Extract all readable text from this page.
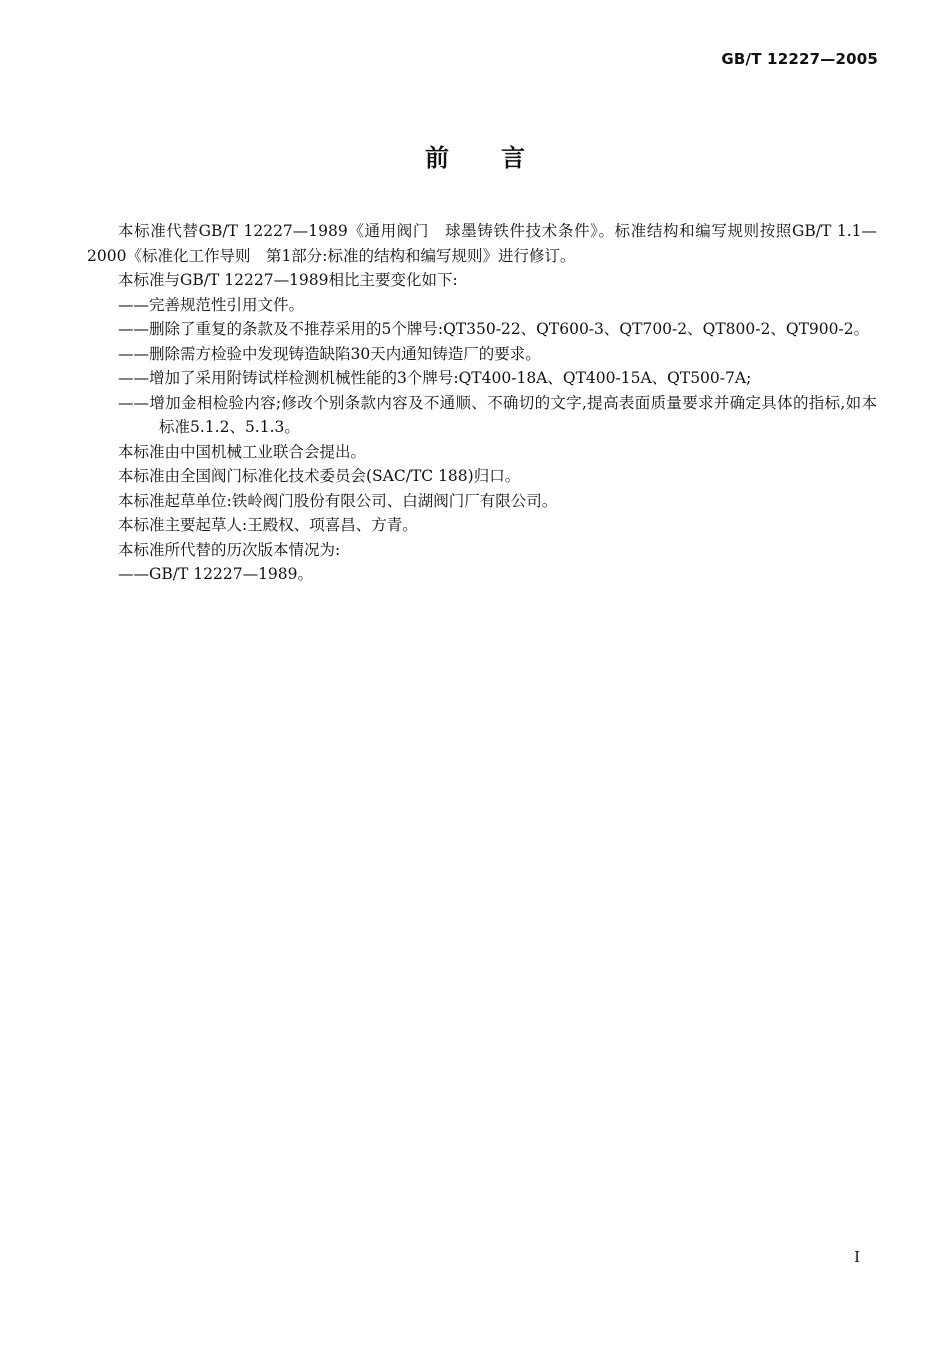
GB/T 12227—2005
前言

本标准代替GB/T 12227—1989《通用阀门　球墨铸铁件技术条件》。标准结构和编写规则按照GB/T 1.1—2000《标准化工作导则　第1部分:标准的结构和编写规则》进行修订。

本标准与GB/T 12227—1989相比主要变化如下:

——完善规范性引用文件。

——删除了重复的条款及不推荐采用的5个牌号:QT350-22、QT600-3、QT700-2、QT800-2、QT900-2。

——删除需方检验中发现铸造缺陷30天内通知铸造厂的要求。

——增加了采用附铸试样检测机械性能的3个牌号:QT400-18A、QT400-15A、QT500-7A;

——增加金相检验内容;修改个别条款内容及不通顺、不确切的文字,提高表面质量要求并确定具体的指标,如本标准5.1.2、5.1.3。

本标准由中国机械工业联合会提出。

本标准由全国阀门标准化技术委员会(SAC/TC 188)归口。

本标准起草单位:铁岭阀门股份有限公司、白湖阀门厂有限公司。

本标准主要起草人:王殿权、项喜昌、方青。

本标准所代替的历次版本情况为:

——GB/T 12227—1989。

I
